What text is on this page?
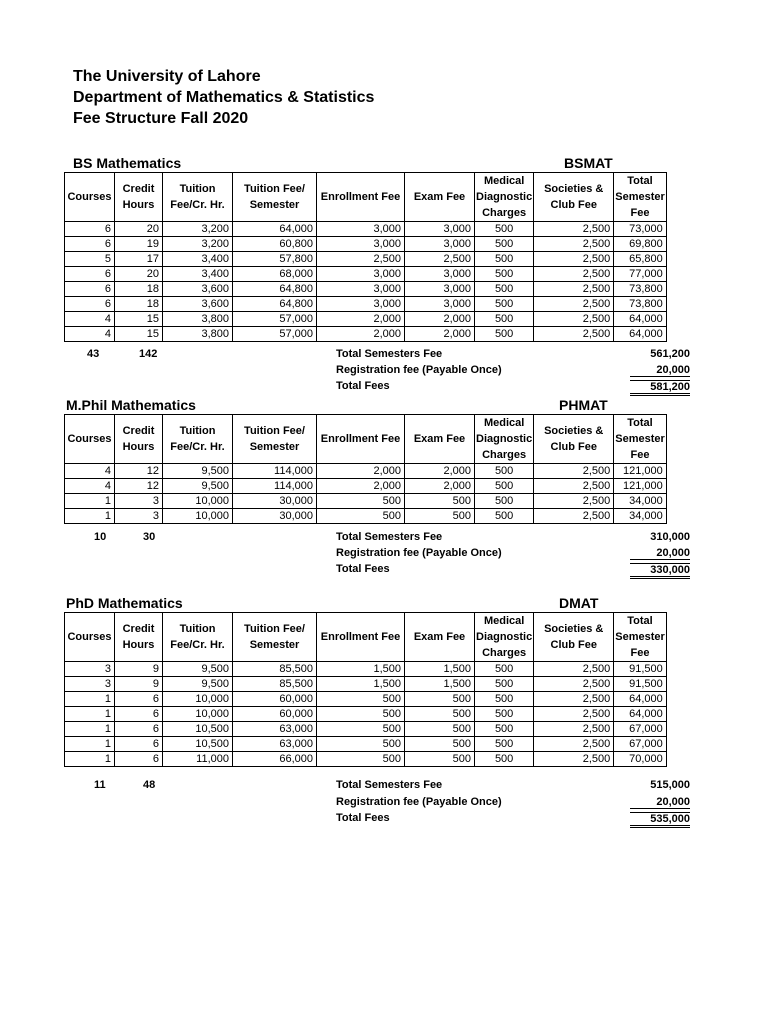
The University of Lahore
Department of Mathematics & Statistics
Fee Structure Fall 2020
BS Mathematics	BSMAT
Courses	Credit Hours	Tuition Fee/Cr. Hr.	Tuition Fee/ Semester	Enrollment Fee	Exam Fee	Medical Diagnostic Charges	Societies & Club Fee	Total Semester Fee
6	20	3,200	64,000	3,000	3,000	500	2,500	73,000
6	19	3,200	60,800	3,000	3,000	500	2,500	69,800
5	17	3,400	57,800	2,500	2,500	500	2,500	65,800
6	20	3,400	68,000	3,000	3,000	500	2,500	77,000
6	18	3,600	64,800	3,000	3,000	500	2,500	73,800
6	18	3,600	64,800	3,000	3,000	500	2,500	73,800
4	15	3,800	57,000	2,000	2,000	500	2,500	64,000
4	15	3,800	57,000	2,000	2,000	500	2,500	64,000
43	142	Total Semesters Fee	561,200
Registration fee (Payable Once)	20,000
Total Fees	581,200
M.Phil Mathematics	PHMAT
Courses	Credit Hours	Tuition Fee/Cr. Hr.	Tuition Fee/ Semester	Enrollment Fee	Exam Fee	Medical Diagnostic Charges	Societies & Club Fee	Total Semester Fee
4	12	9,500	114,000	2,000	2,000	500	2,500	121,000
4	12	9,500	114,000	2,000	2,000	500	2,500	121,000
1	3	10,000	30,000	500	500	500	2,500	34,000
1	3	10,000	30,000	500	500	500	2,500	34,000
10	30	Total Semesters Fee	310,000
Registration fee (Payable Once)	20,000
Total Fees	330,000
PhD Mathematics	DMAT
Courses	Credit Hours	Tuition Fee/Cr. Hr.	Tuition Fee/ Semester	Enrollment Fee	Exam Fee	Medical Diagnostic Charges	Societies & Club Fee	Total Semester Fee
3	9	9,500	85,500	1,500	1,500	500	2,500	91,500
3	9	9,500	85,500	1,500	1,500	500	2,500	91,500
1	6	10,000	60,000	500	500	500	2,500	64,000
1	6	10,000	60,000	500	500	500	2,500	64,000
1	6	10,500	63,000	500	500	500	2,500	67,000
1	6	10,500	63,000	500	500	500	2,500	67,000
1	6	11,000	66,000	500	500	500	2,500	70,000
11	48	Total Semesters Fee	515,000
Registration fee (Payable Once)	20,000
Total Fees	535,000
